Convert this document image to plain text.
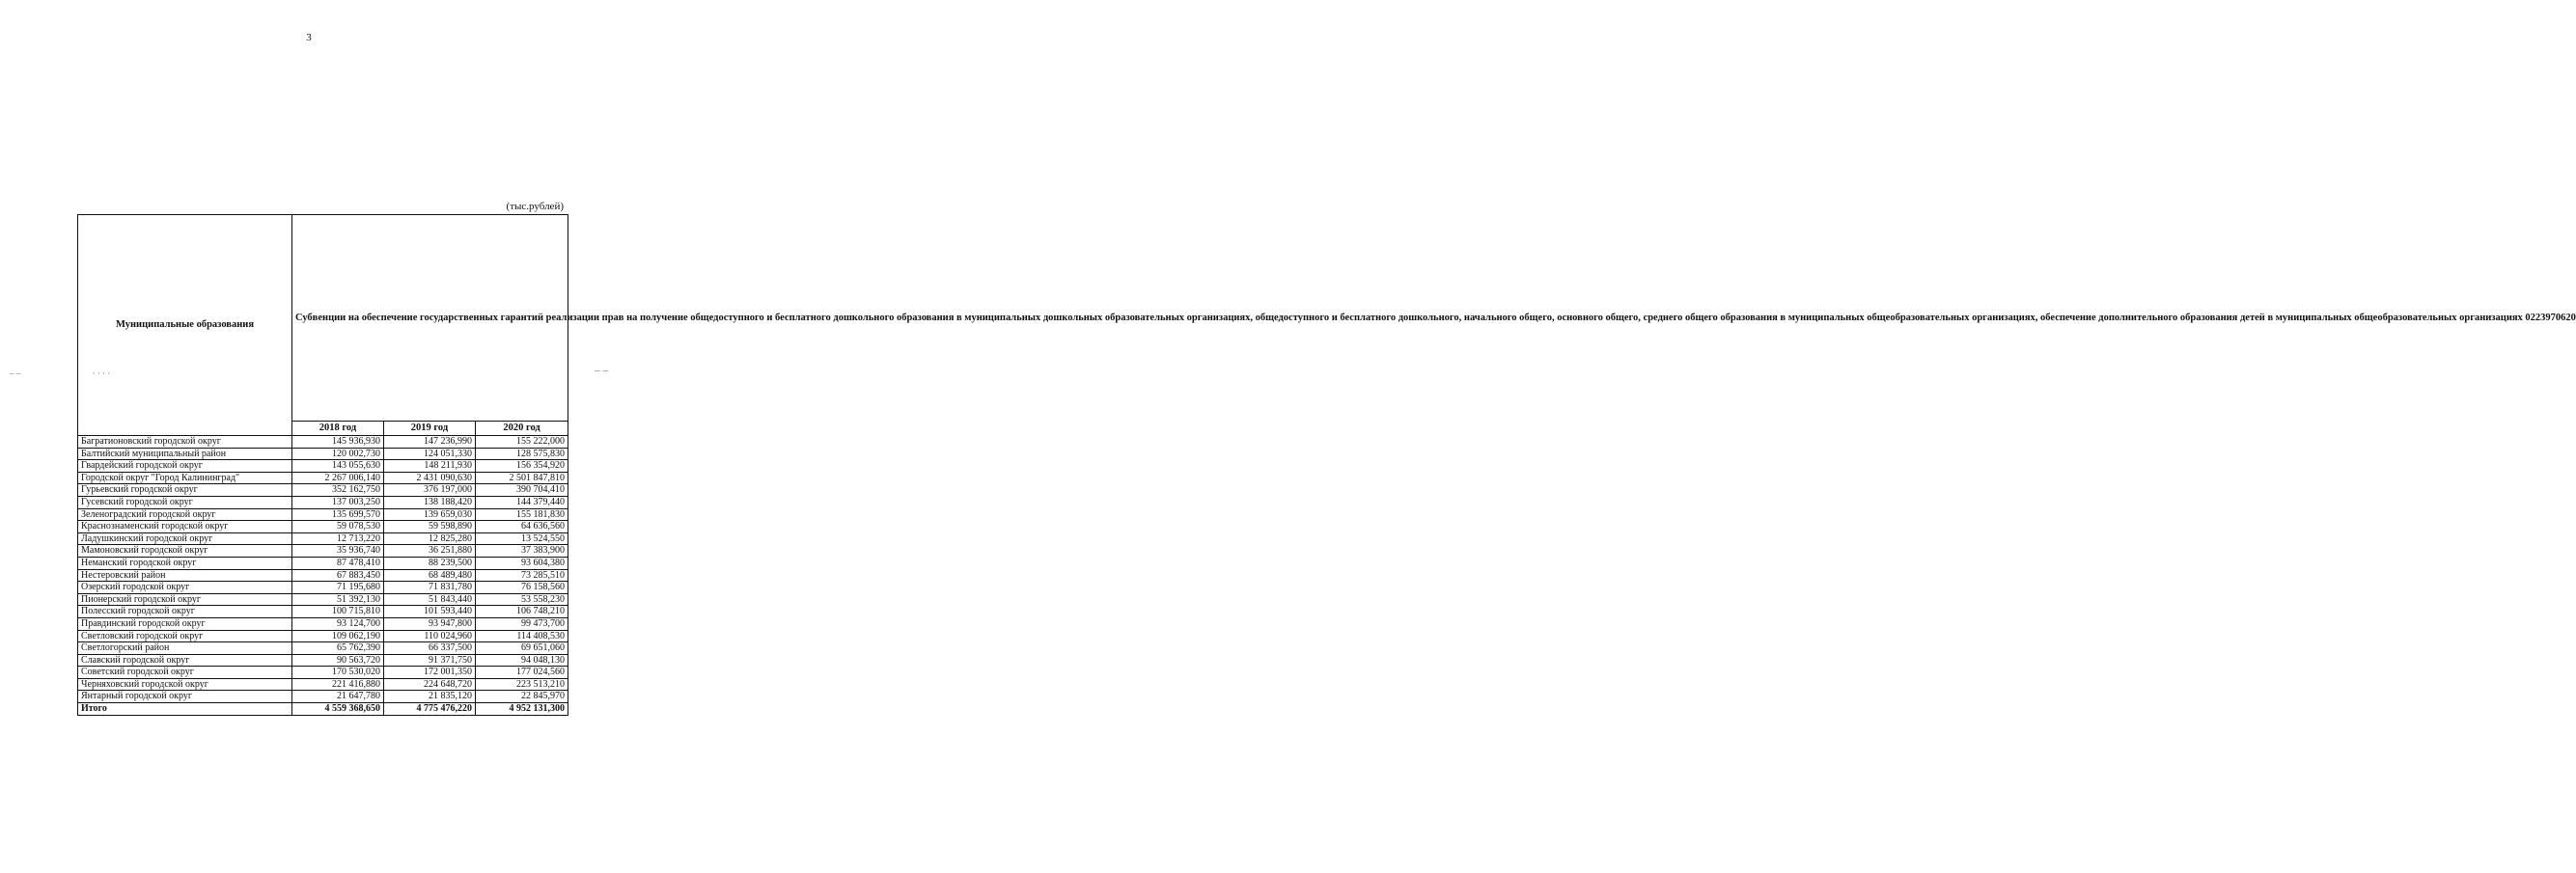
3
(тыс.рублей)
– –                                 · · · ·	– –
Муниципальные образования	Субвенции на обеспечение государственных гарантий реализации прав на получение общедоступного и бесплатного дошкольного образования в муниципальных дошкольных образовательных организациях, общедоступного и бесплатного дошкольного, начального общего, основного общего, среднего общего образования в муниципальных общеобразовательных организациях, обеспечение дополнительного образования детей в муниципальных общеобразовательных организациях 0223970620		
	2018 год	2019 год	2020 год
Багратионовский городской округ	145 936,930	147 236,990	155 222,000
Балтийский муниципальный район	120 002,730	124 051,330	128 575,830
Гвардейский городской округ	143 055,630	148 211,930	156 354,920
Городской округ "Город Калининград"	2 267 006,140	2 431 090,630	2 501 847,810
Гурьевский городской округ	352 162,750	376 197,000	390 704,410
Гусевский городской округ	137 003,250	138 188,420	144 379,440
Зеленоградский городской округ	135 699,570	139 659,030	155 181,830
Краснознаменский городской округ	59 078,530	59 598,890	64 636,560
Ладушкинский городской округ	12 713,220	12 825,280	13 524,550
Мамоновский городской округ	35 936,740	36 251,880	37 383,900
Неманский городской округ	87 478,410	88 239,500	93 604,380
Нестеровский район	67 883,450	68 489,480	73 285,510
Озерский городской округ	71 195,680	71 831,780	76 158,560
Пионерский городской округ	51 392,130	51 843,440	53 558,230
Полесский городской округ	100 715,810	101 593,440	106 748,210
Правдинский городской округ	93 124,700	93 947,800	99 473,700
Светловский городской округ	109 062,190	110 024,960	114 408,530
Светлогорский район	65 762,390	66 337,500	69 651,060
Славский городской округ	90 563,720	91 371,750	94 048,130
Советский городской округ	170 530,020	172 001,350	177 024,560
Черняховский городской округ	221 416,880	224 648,720	223 513,210
Янтарный городской округ	21 647,780	21 835,120	22 845,970
Итого	4 559 368,650	4 775 476,220	4 952 131,300
